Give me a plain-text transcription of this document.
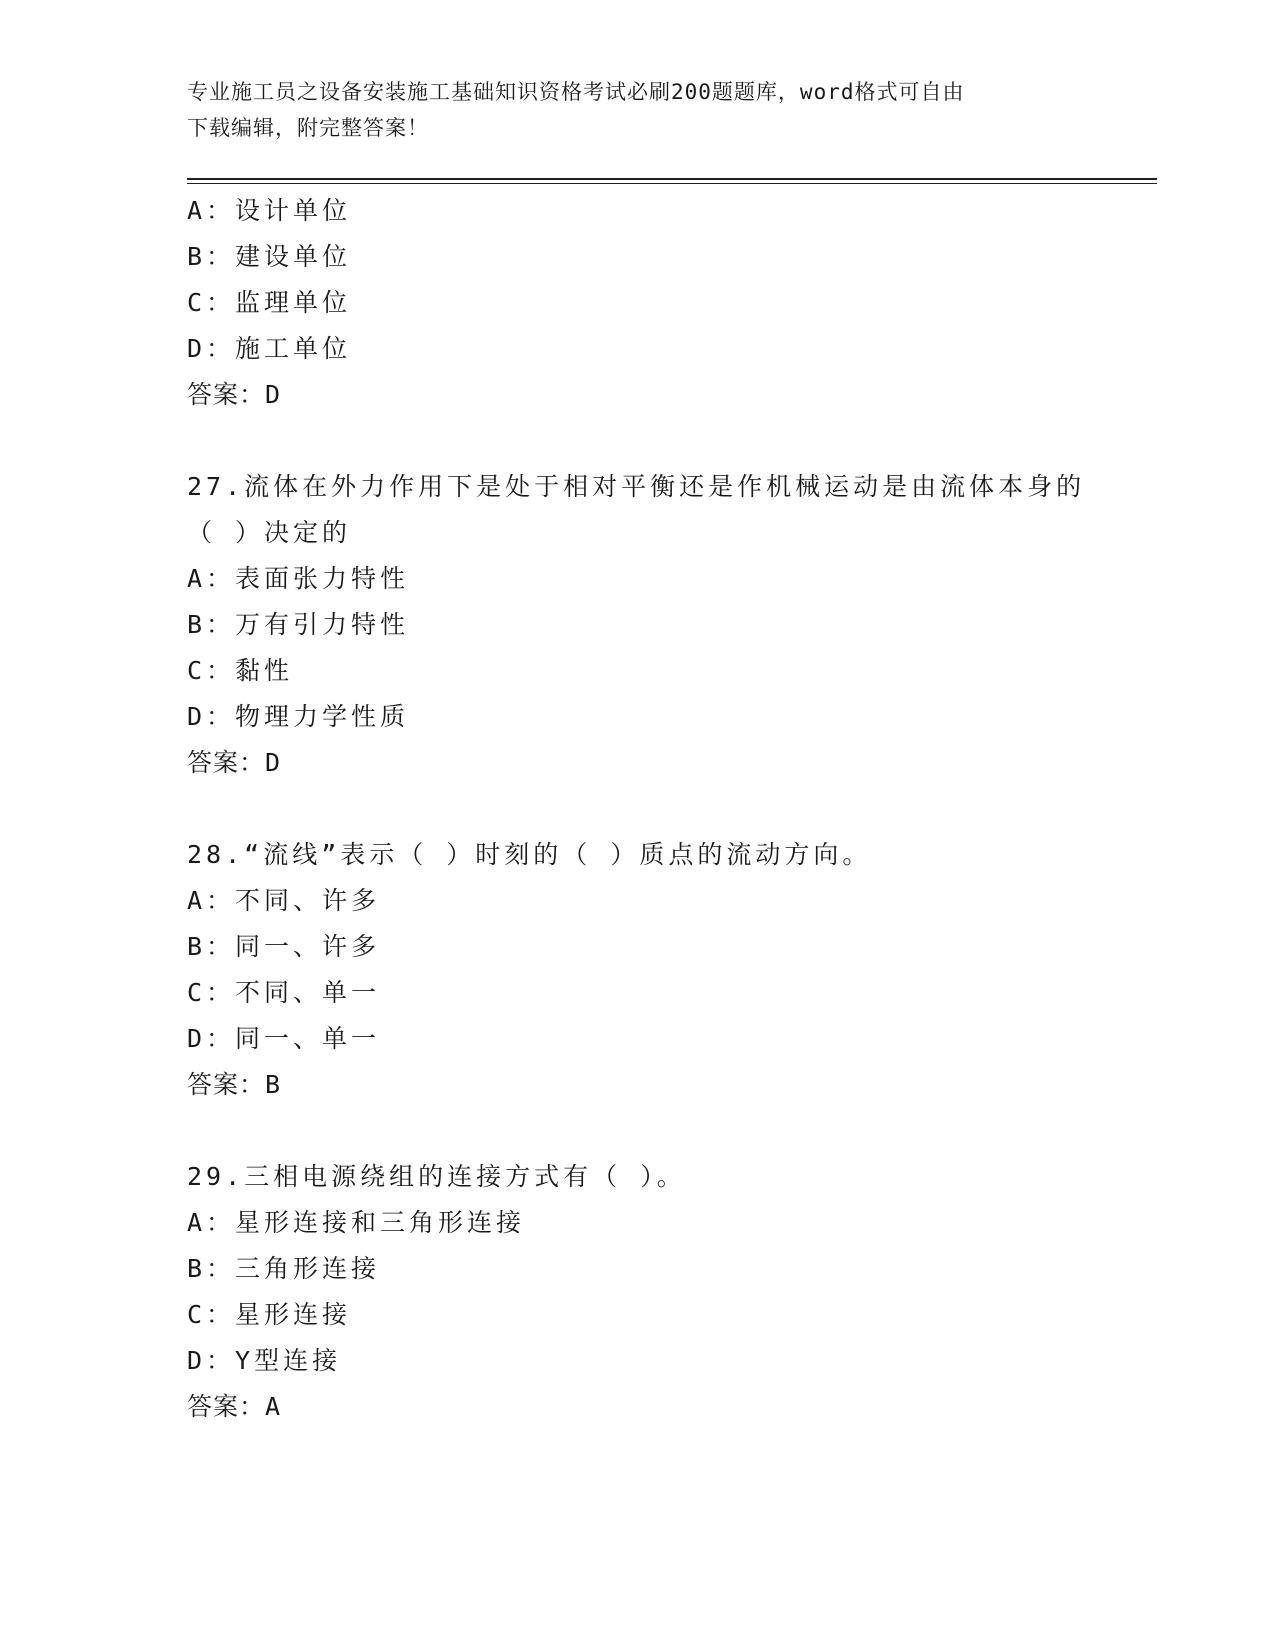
专业施工员之设备安装施工基础知识资格考试必刷200题题库，word格式可自由
下载编辑，附完整答案！
A：设计单位
B：建设单位
C：监理单位
D：施工单位
答案：D
27.流体在外力作用下是处于相对平衡还是作机械运动是由流体本身的
（ ）决定的
A：表面张力特性
B：万有引力特性
C：黏性
D：物理力学性质
答案：D
28.“流线”表示（ ）时刻的（ ）质点的流动方向。
A：不同、许多
B：同一、许多
C：不同、单一
D：同一、单一
答案：B
29.三相电源绕组的连接方式有（ ）。
A：星形连接和三角形连接
B：三角形连接
C：星形连接
D：Y型连接
答案：A
